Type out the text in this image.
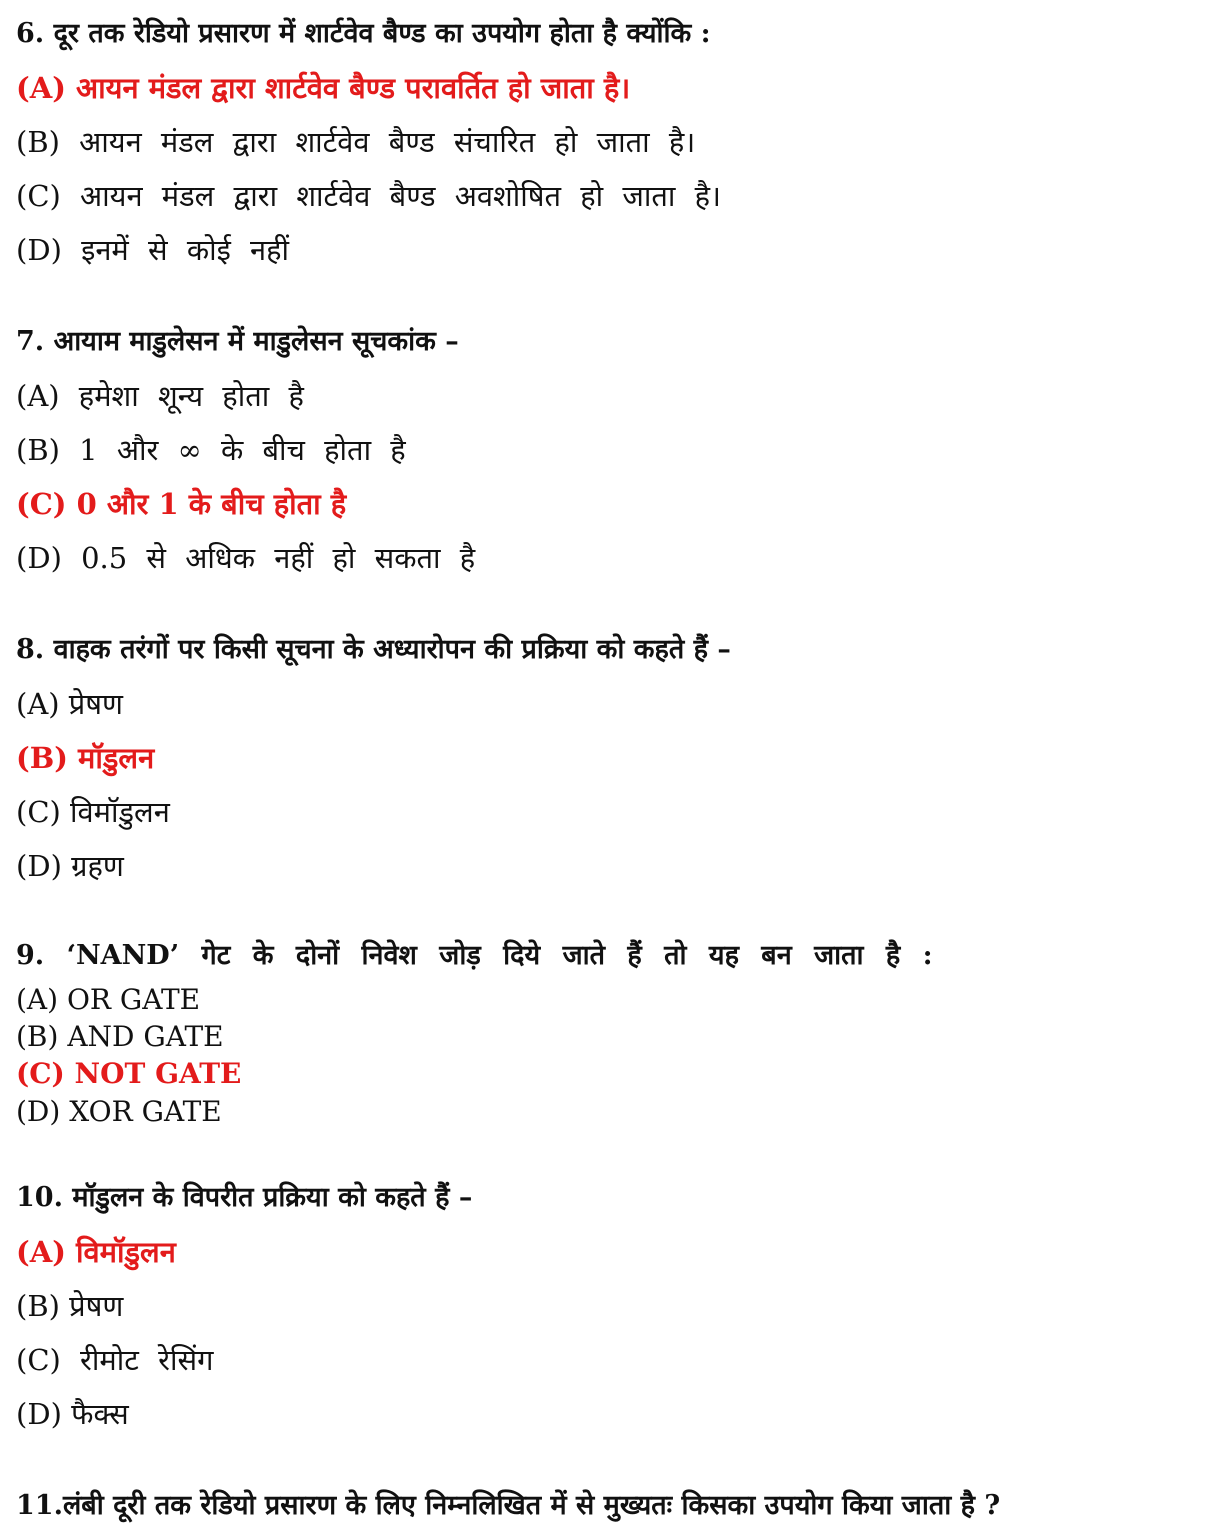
6. दूर तक रेडियो प्रसारण में शार्टवेव बैण्ड का उपयोग होता है क्योंकि :
(A) आयन मंडल द्वारा शार्टवेव बैण्ड परावर्तित हो जाता है।
(B) आयन मंडल द्वारा शार्टवेव बैण्ड संचारित हो जाता है।
(C) आयन मंडल द्वारा शार्टवेव बैण्ड अवशोषित हो जाता है।
(D) इनमें से कोई नहीं
7. आयाम माडुलेसन में माडुलेसन सूचकांक –
(A) हमेशा शून्य होता है
(B) 1 और ∞ के बीच होता है
(C) 0 और 1 के बीच होता है
(D) 0.5 से अधिक नहीं हो सकता है
8. वाहक तरंगों पर किसी सूचना के अध्यारोपन की प्रक्रिया को कहते हैं –
(A) प्रेषण
(B) मॉडुलन
(C) विमॉडुलन
(D) ग्रहण
9. ‘NAND’ गेट के दोनों निवेश जोड़ दिये जाते हैं तो यह बन जाता है :
(A) OR GATE
(B) AND GATE
(C) NOT GATE
(D) XOR GATE
10. मॉडुलन के विपरीत प्रक्रिया को कहते हैं –
(A) विमॉडुलन
(B) प्रेषण
(C) रीमोट रेसिंग
(D) फैक्स
11.लंबी दूरी तक रेडियो प्रसारण के लिए निम्नलिखित में से मुख्यतः किसका उपयोग किया जाता है ?
